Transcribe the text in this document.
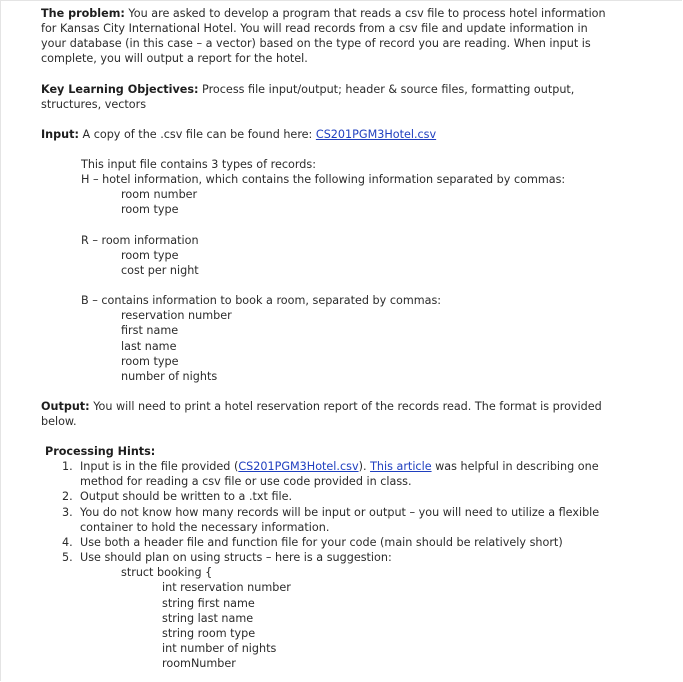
The problem: You are asked to develop a program that reads a csv file to process hotel information
for Kansas City International Hotel. You will read records from a csv file and update information in
your database (in this case – a vector) based on the type of record you are reading. When input is
complete, you will output a report for the hotel.
Key Learning Objectives: Process file input/output; header & source files, formatting output,
structures, vectors
Input: A copy of the .csv file can be found here: CS201PGM3Hotel.csv
This input file contains 3 types of records:
H – hotel information, which contains the following information separated by commas:
room number
room type
R – room information
room type
cost per night
B – contains information to book a room, separated by commas:
reservation number
first name
last name
room type
number of nights
Output: You will need to print a hotel reservation report of the records read. The format is provided
below.
Processing Hints:
1. Input is in the file provided (CS201PGM3Hotel.csv). This article was helpful in describing one
method for reading a csv file or use code provided in class.
2. Output should be written to a .txt file.
3. You do not know how many records will be input or output – you will need to utilize a flexible
container to hold the necessary information.
4. Use both a header file and function file for your code (main should be relatively short)
5. Use should plan on using structs – here is a suggestion:
struct booking {
int reservation number
string first name
string last name
string room type
int number of nights
roomNumber
